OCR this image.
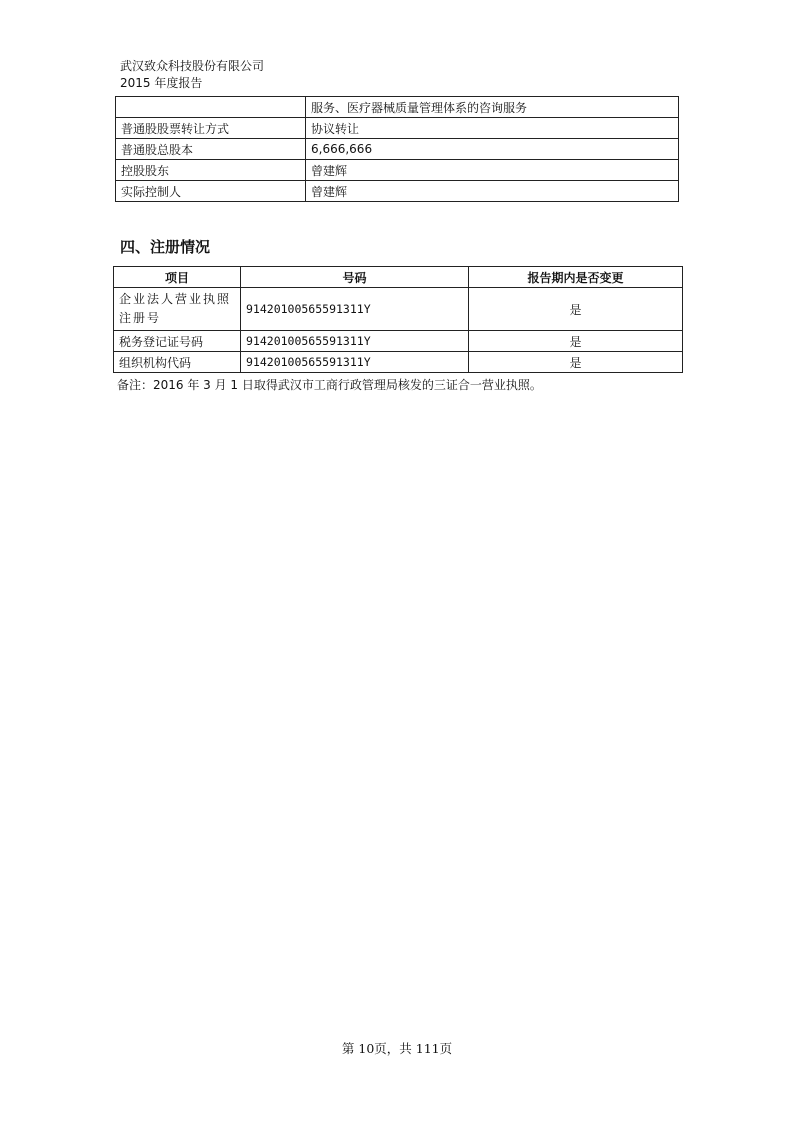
武汉致众科技股份有限公司
2015 年度报告
	服务、医疗器械质量管理体系的咨询服务
普通股股票转让方式	协议转让
普通股总股本	6,666,666
控股股东	曾建辉
实际控制人	曾建辉
四、注册情况
项目	号码	报告期内是否变更
企业法人营业执照注册号	914201005655913​11Y	是
税务登记证号码	91420100565591311Y	是
组织机构代码	91420100565591311Y	是
备注：2016 年 3 月 1 日取得武汉市工商行政管理局核发的三证合一营业执照。
第 10页，共 111页
